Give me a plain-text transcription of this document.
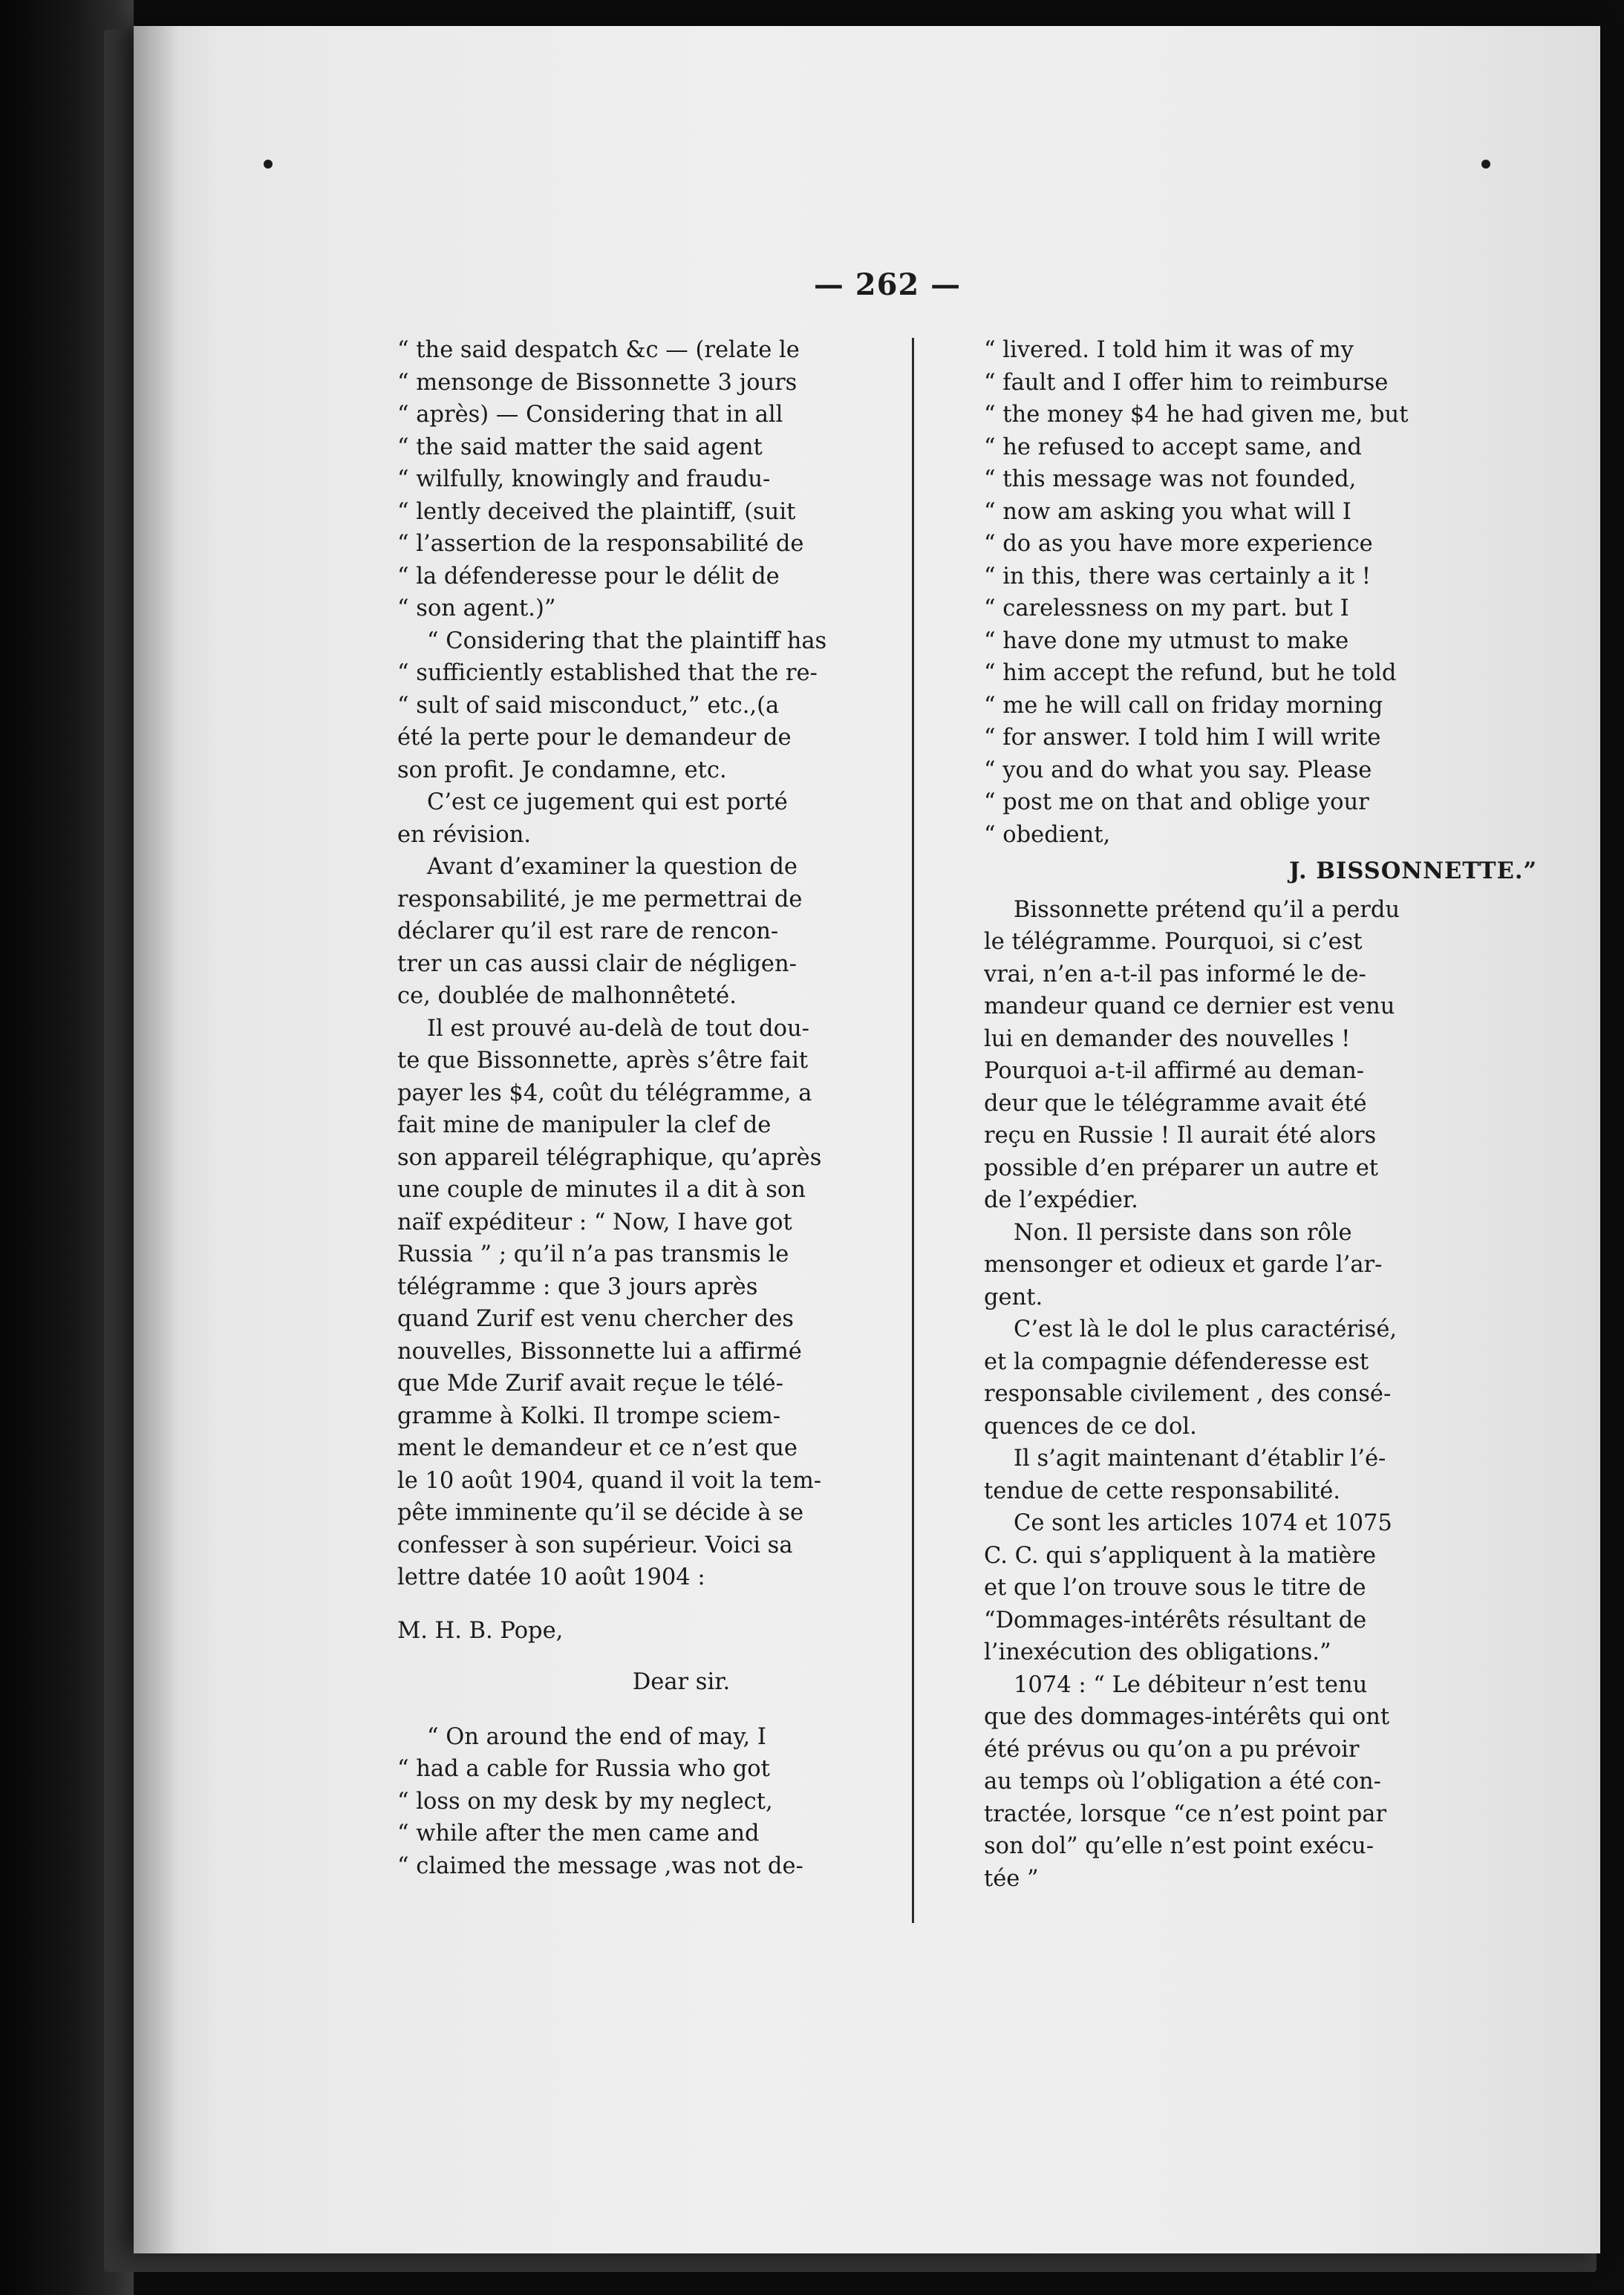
— 262 —
“ the said despatch &c — (relate le
“ mensonge de Bissonnette 3 jours
“ après) — Considering that in all
“ the said matter the said agent
“ wilfully, knowingly and fraudu-
“ lently deceived the plaintiff, (suit
“ l’assertion de la responsabilité de
“ la défenderesse pour le délit de
“ son agent.)”
“ Considering that the plaintiff has
“ sufficiently established that the re-
“ sult of said misconduct,” etc.,(a
été la perte pour le demandeur de
son profit. Je condamne, etc.
C’est ce jugement qui est porté
en révision.
Avant d’examiner la question de
responsabilité, je me permettrai de
déclarer qu’il est rare de rencon-
trer un cas aussi clair de négligen-
ce, doublée de malhonnêteté.
Il est prouvé au-delà de tout dou-
te que Bissonnette, après s’être fait
payer les $4, coût du télégramme, a
fait mine de manipuler la clef de
son appareil télégraphique, qu’après
une couple de minutes il a dit à son
naïf expéditeur : “ Now, I have got
Russia ” ; qu’il n’a pas transmis le
télégramme : que 3 jours après
quand Zurif est venu chercher des
nouvelles, Bissonnette lui a affirmé
que Mde Zurif avait reçue le télé-
gramme à Kolki. Il trompe sciem-
ment le demandeur et ce n’est que
le 10 août 1904, quand il voit la tem-
pête imminente qu’il se décide à se
confesser à son supérieur. Voici sa
lettre datée 10 août 1904 :

M. H. B. Pope,

Dear sir.

“ On around the end of may, I
“ had a cable for Russia who got
“ loss on my desk by my neglect,
“ while after the men came and
“ claimed the message ,was not de-
“ livered. I told him it was of my
“ fault and I offer him to reimburse
“ the money $4 he had given me, but
“ he refused to accept same, and
“ this message was not founded,
“ now am asking you what will I
“ do as you have more experience
“ in this, there was certainly a it !
“ carelessness on my part. but I
“ have done my utmust to make
“ him accept the refund, but he told
“ me he will call on friday morning
“ for answer. I told him I will write
“ you and do what you say. Please
“ post me on that and oblige your
“ obedient,

J. BISSONNETTE.”

Bissonnette prétend qu’il a perdu
le télégramme. Pourquoi, si c’est
vrai, n’en a-t-il pas informé le de-
mandeur quand ce dernier est venu
lui en demander des nouvelles !
Pourquoi a-t-il affirmé au deman-
deur que le télégramme avait été
reçu en Russie ! Il aurait été alors
possible d’en préparer un autre et
de l’expédier.
Non. Il persiste dans son rôle
mensonger et odieux et garde l’ar-
gent.
C’est là le dol le plus caractérisé,
et la compagnie défenderesse est
responsable civilement , des consé-
quences de ce dol.
Il s’agit maintenant d’établir l’é-
tendue de cette responsabilité.
Ce sont les articles 1074 et 1075
C. C. qui s’appliquent à la matière
et que l’on trouve sous le titre de
“Dommages-intérêts résultant de
l’inexécution des obligations.”
1074 : “ Le débiteur n’est tenu
que des dommages-intérêts qui ont
été prévus ou qu’on a pu prévoir
au temps où l’obligation a été con-
tractée, lorsque “ce n’est point par
son dol” qu’elle n’est point exécu-
tée ”
